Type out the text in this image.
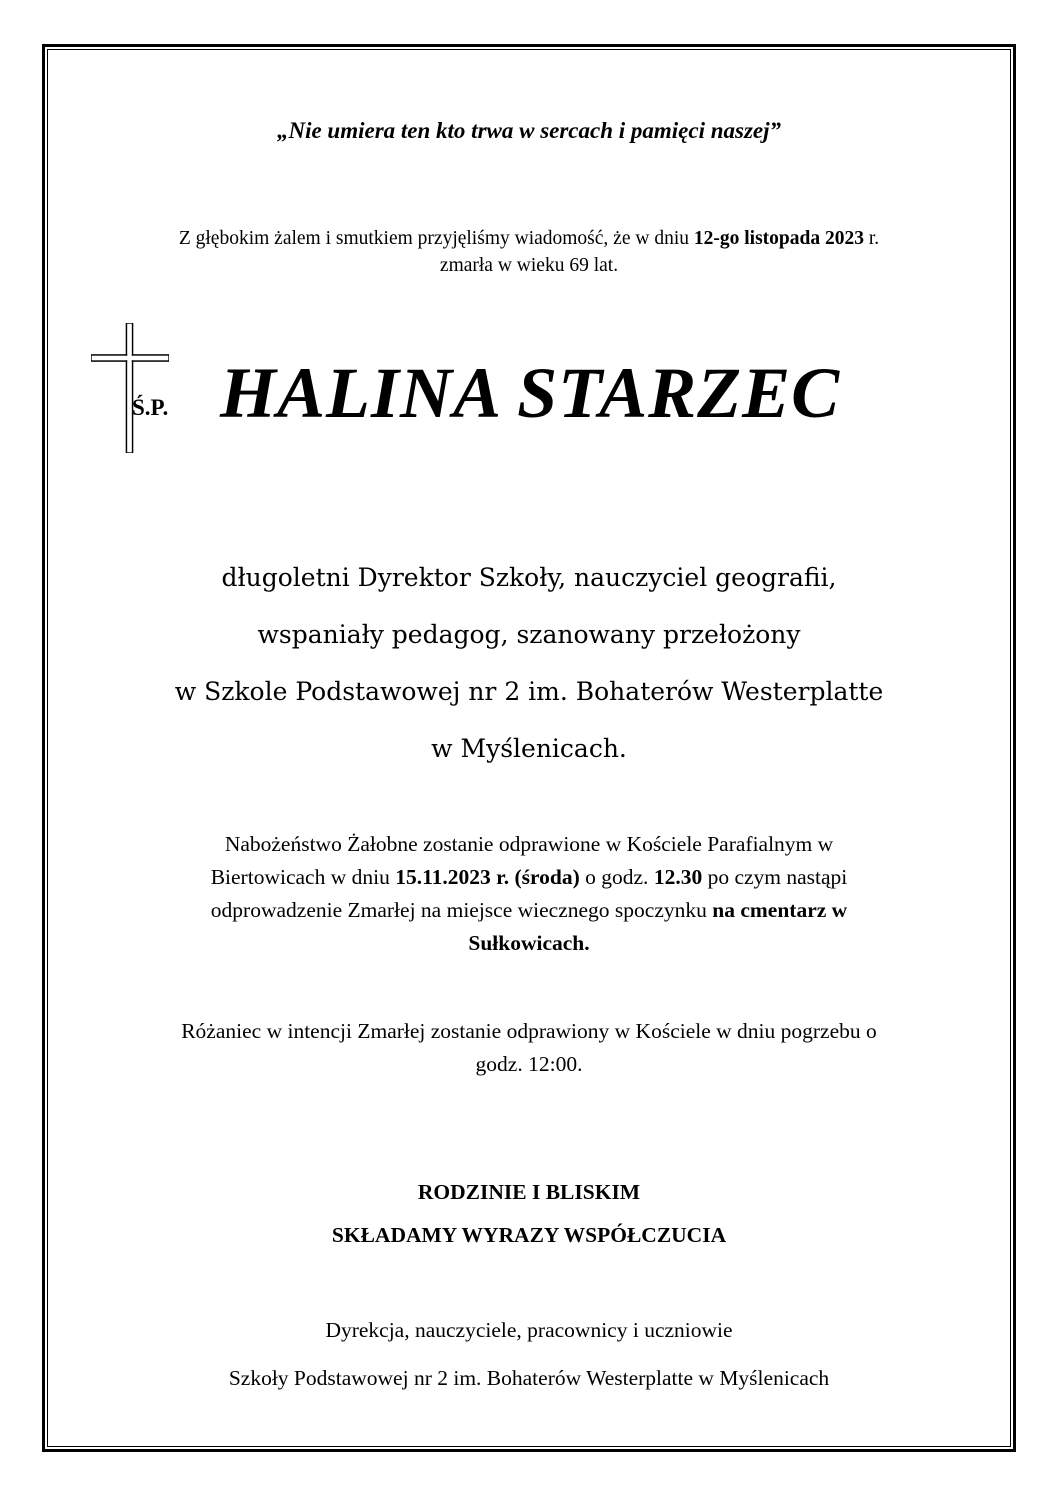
„Nie umiera ten kto trwa w sercach i pamięci naszej”
Z głębokim żalem i smutkiem przyjęliśmy wiadomość, że w dniu 12-go listopada 2023 r.
zmarła w wieku 69 lat.
Ś.P. HALINA STARZEC
długoletni Dyrektor Szkoły, nauczyciel geografii,
wspaniały pedagog, szanowany przełożony
w Szkole Podstawowej nr 2 im. Bohaterów Westerplatte
w Myślenicach.
Nabożeństwo Żałobne zostanie odprawione w Kościele Parafialnym w
Biertowicach w dniu 15.11.2023 r. (środa) o godz. 12.30 po czym nastąpi
odprowadzenie Zmarłej na miejsce wiecznego spoczynku na cmentarz w
Sułkowicach.
Różaniec w intencji Zmarłej zostanie odprawiony w Kościele w dniu pogrzebu o
godz. 12:00.
RODZINIE I BLISKIM
SKŁADAMY WYRAZY WSPÓŁCZUCIA
Dyrekcja, nauczyciele, pracownicy i uczniowie
Szkoły Podstawowej nr 2 im. Bohaterów Westerplatte w Myślenicach
